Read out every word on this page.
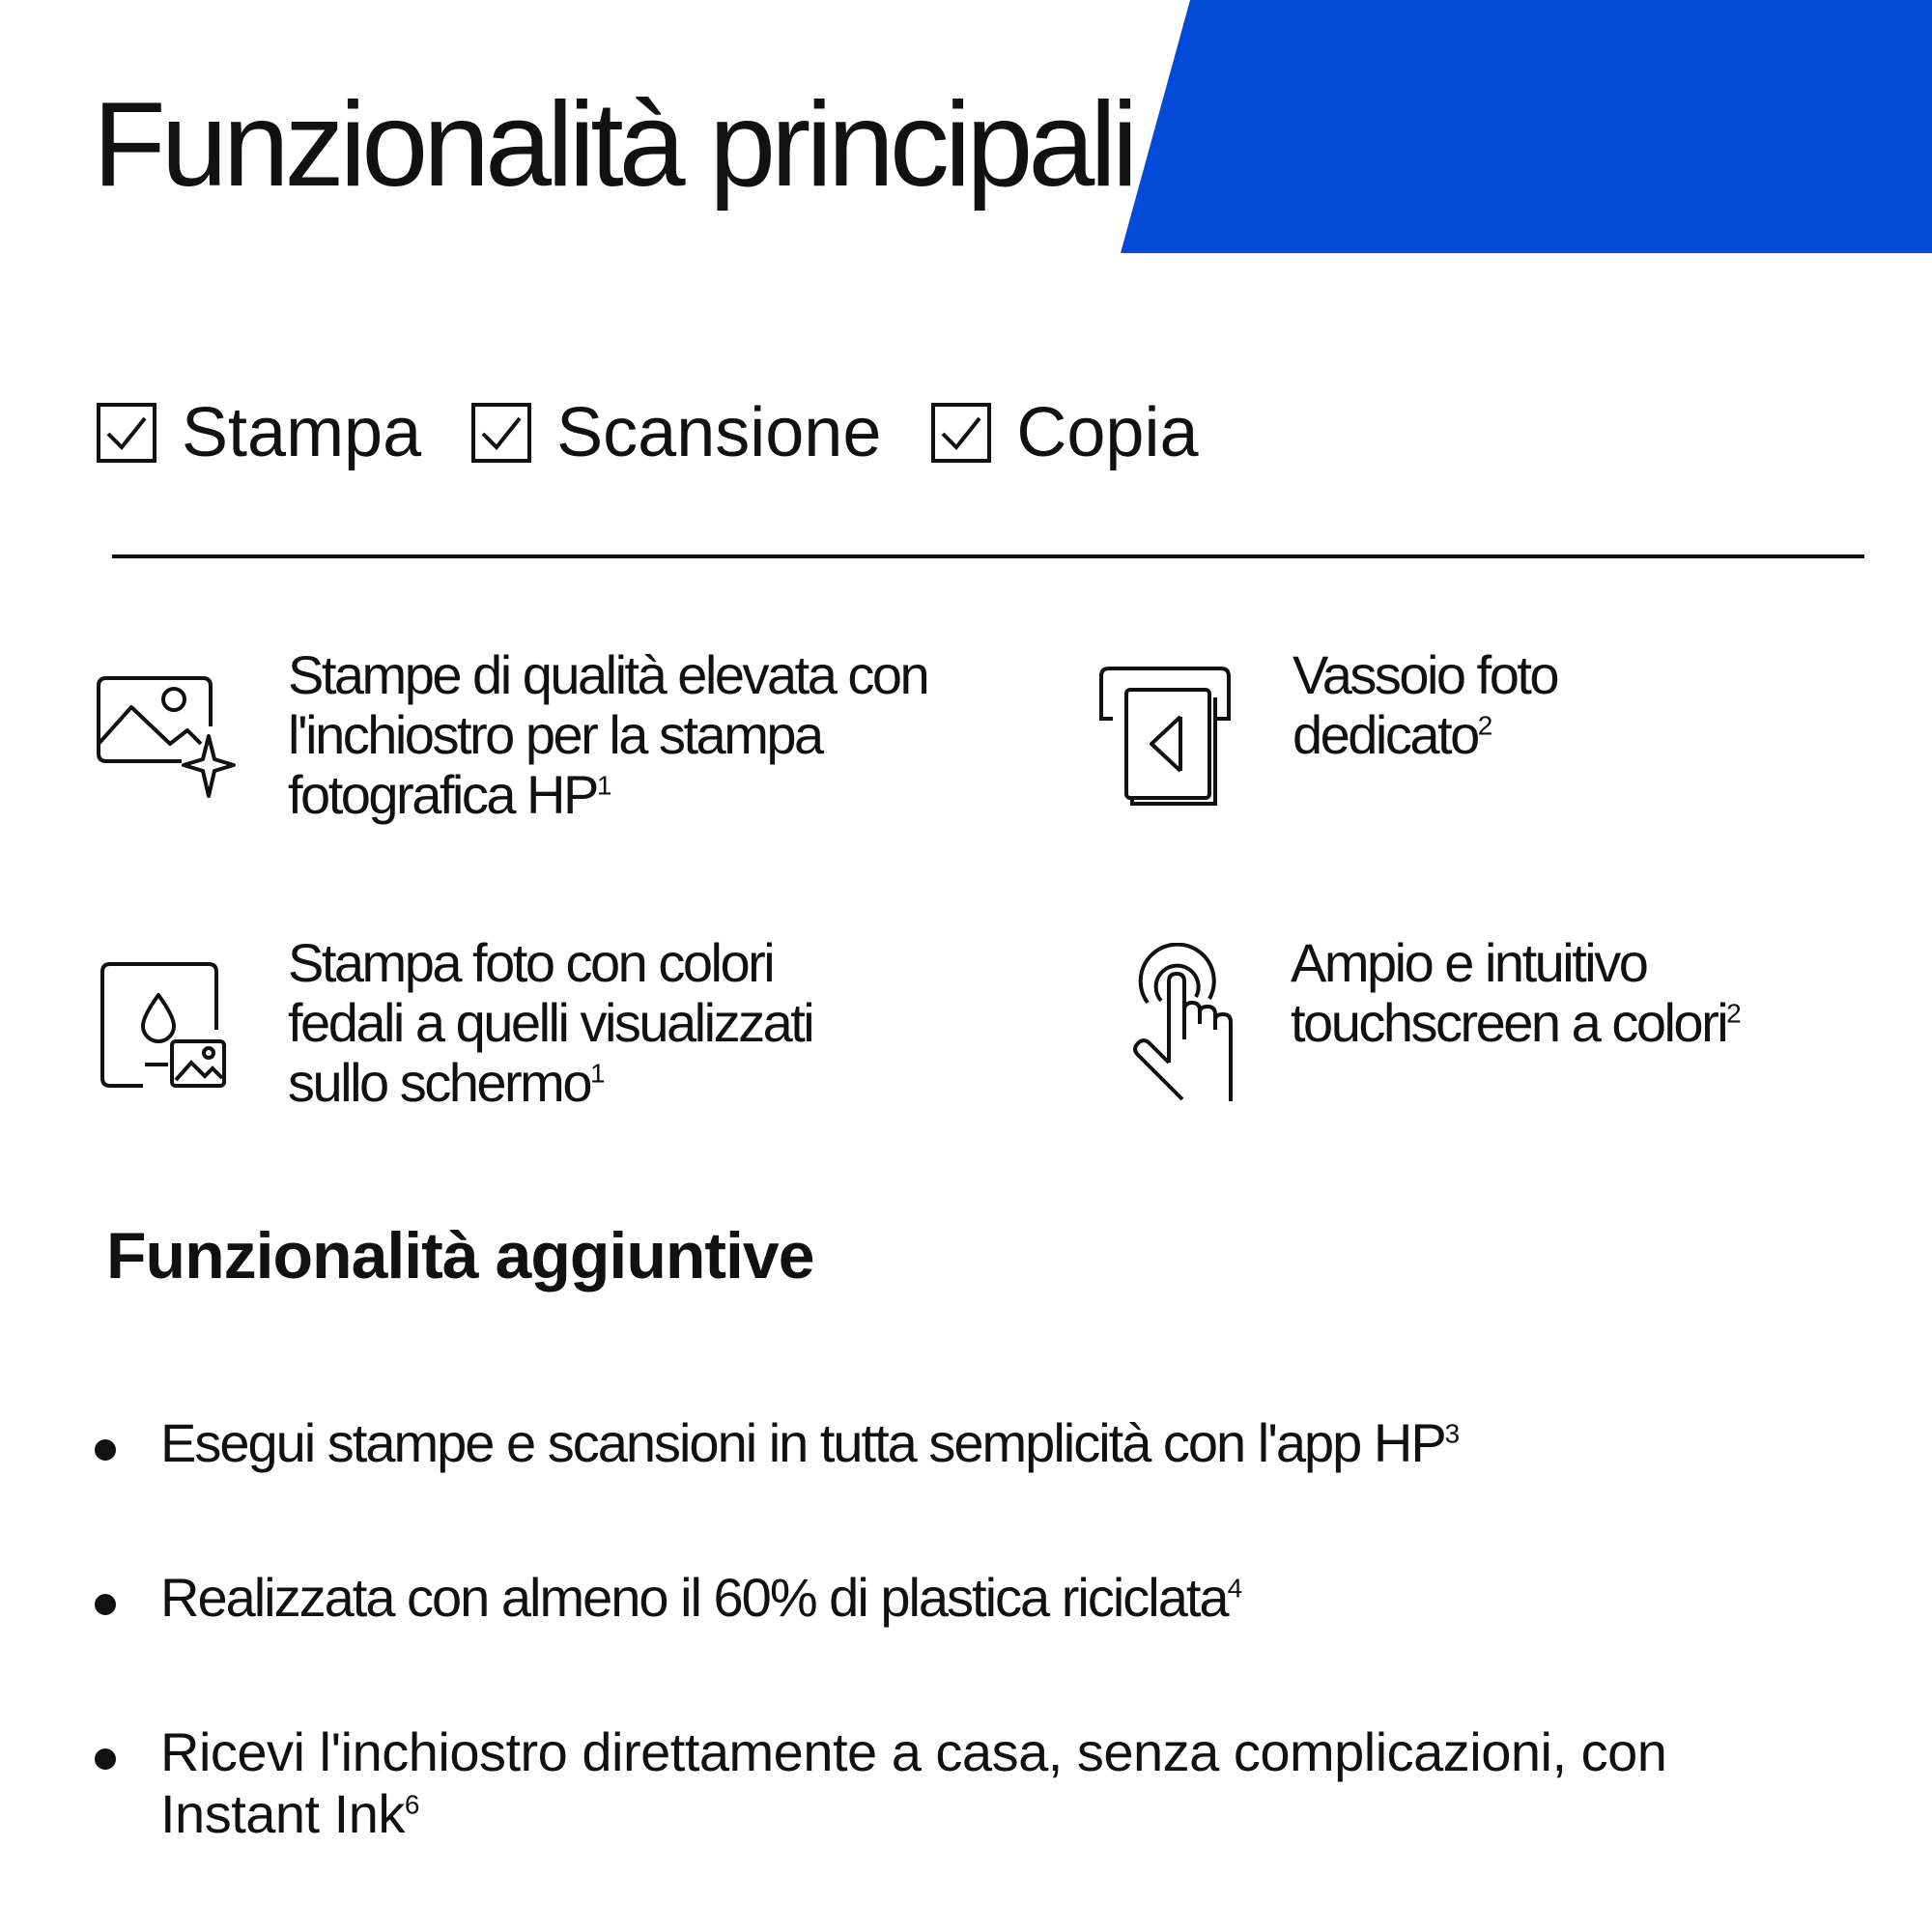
Funzionalità principali
Stampa Scansione Copia

Stampe di qualità elevata con l'inchiostro per la stampa fotografica HP$^1$

Vassoio foto dedicato$^2$

Stampa foto con colori fedali a quelli visualizzati sullo schermo$^1$

Ampio e intuitivo touchscreen a colori$^2$

Funzionalità aggiuntive
Esegui stampe e scansioni in tutta semplicità con l'app HP$^3$
Realizzata con almeno il 60% di plastica riciclata$^4$
Ricevi l'inchiostro direttamente a casa, senza complicazioni, con Instant Ink$^6$
